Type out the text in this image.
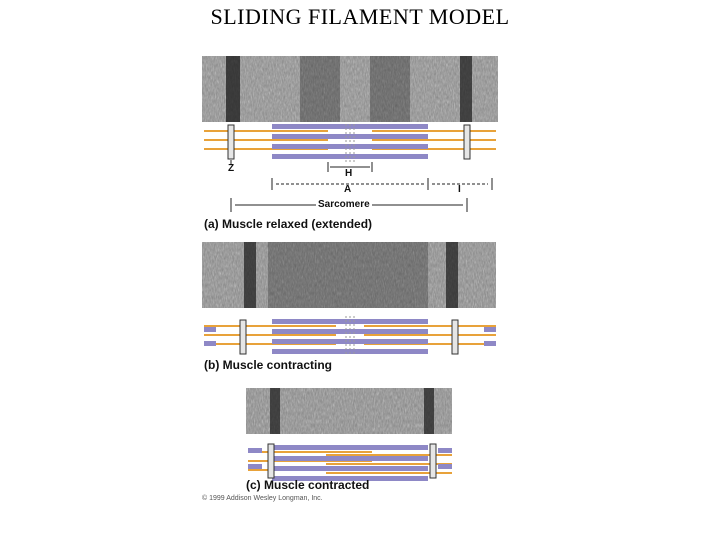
SLIDING FILAMENT MODEL
Z	H
A	I
Sarcomere
(a) Muscle relaxed (extended)
(b) Muscle contracting
(c) Muscle contracted
© 1999 Addison Wesley Longman, Inc.
